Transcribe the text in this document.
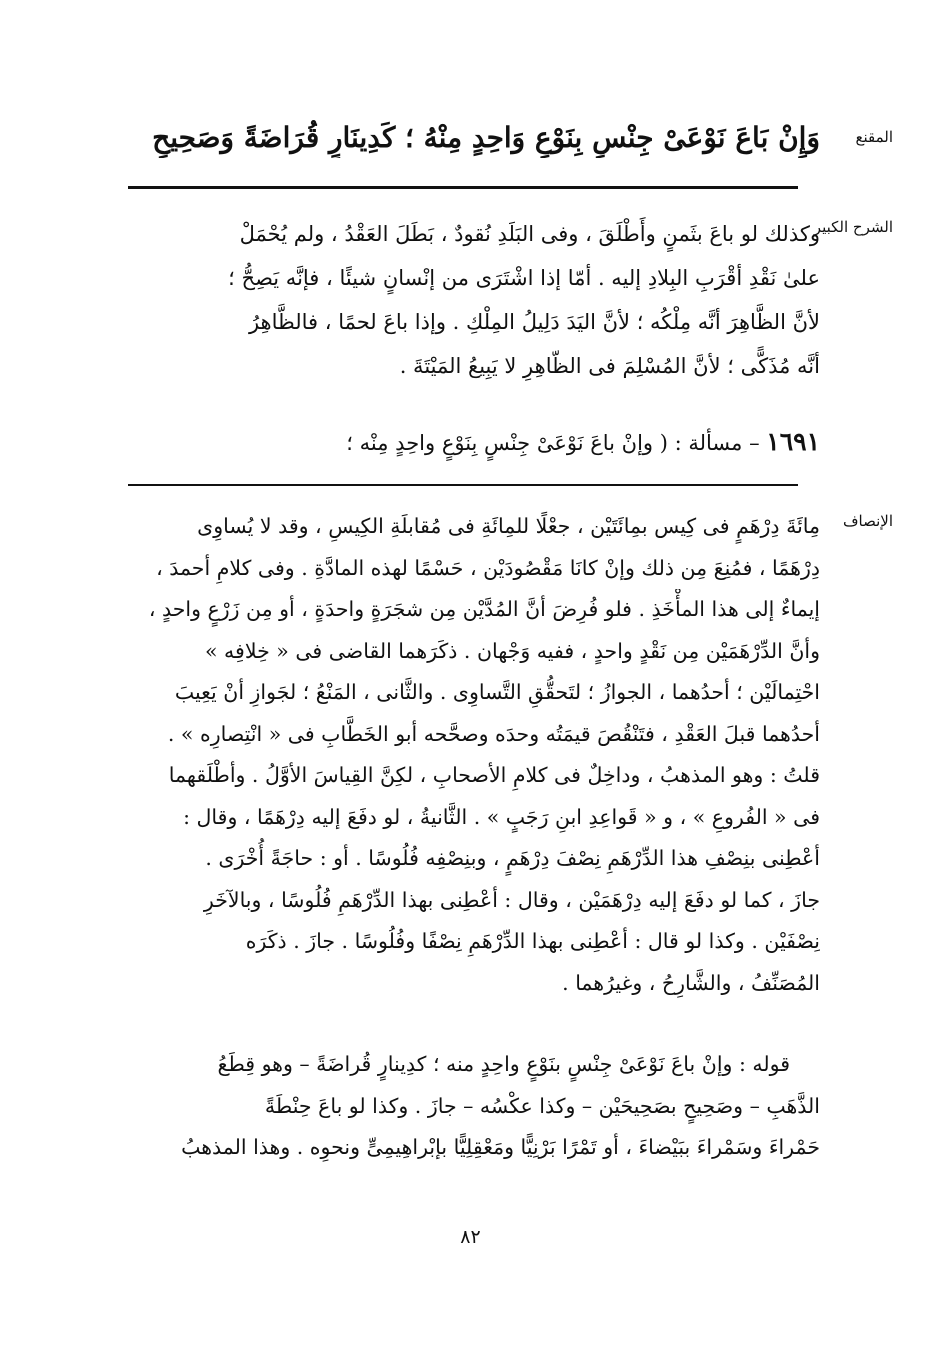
المقنع
وَإِنْ بَاعَ نَوْعَىْ جِنْسٍ بِنَوْعٍ وَاحِدٍ مِنْهُ ؛ كَدِينَارٍ قُرَاضَةً وَصَحِيحٍ
الشرح الكبير
وكذلك لو باعَ بثَمنٍ وأَطْلَقَ ، وفى البَلَدِ نُقودٌ ، بَطَلَ العَقْدُ ، ولم يُحْمَلْ
علىٰ نَقْدِ أقْرَبِ البِلادِ إليه . أمّا إذا اشْتَرَى من إنْسانٍ شيئًا ، فإنَّه يَصِحُّ ؛
لأنَّ الظَّاهِرَ أنَّه مِلْكُه ؛ لأنَّ اليَدَ دَلِيلُ المِلْكِ . وإذا باعَ لحمًا ، فالظَّاهِرُ
أنَّه مُذَكًّى ؛ لأنَّ المُسْلِمَ فى الظّاهِرِ لا يَبِيعُ المَيْتَةَ .
١٦٩١ – مسألة : ( وإنْ باعَ نَوْعَىْ جِنْسٍ بِنَوْعٍ واحِدٍ مِنْه ؛
الإنصاف
مِائَةَ دِرْهَمٍ فى كِيس بمِائَتَيْن ، جعْلًا للمِائَةِ فى مُقابلَةِ الكِيسِ ، وقد لا يُساوِى
دِرْهَمًا ، فمُنِعَ مِن ذلك وإنْ كانَا مَقْصُودَيْن ، حَسْمًا لهذه المادَّةِ . وفى كلامِ أحمدَ ،
إيماءٌ إلى هذا المأْخَذِ . فلو فُرِضَ أنَّ المُدَّيْن مِن شجَرَةٍ واحدَةٍ ، أو مِن زَرْعٍ واحدٍ ،
وأنَّ الدِّرْهَمَيْن مِن نَقْدٍ واحدٍ ، ففيه وَجْهان . ذكَرَهما القاضى فى « خِلافِه »
احْتِمالَيْن ؛ أحدُهما ، الجوازُ ؛ لتَحقُّقِ التَّساوِى . والثَّانى ، المَنْعُ ؛ لجَوازِ أنْ يَعِيبَ
أحدُهما قبلَ العَقْدِ ، فتَنْقُصَ قيمَتُه وحدَه وصحَّحه أبو الخَطَّابِ فى « انْتِصارِه » .
قلتُ : وهو المذهبُ ، وداخِلٌ فى كلامِ الأصحابِ ، لكِنَّ القِياسَ الأوَّلُ . وأطْلَقهما
فى « الفُروعِ » ، و « قَواعِدِ ابنِ رَجَبٍ » . الثَّانيةُ ، لو دفَعَ إليه دِرْهَمًا ، وقال :
أعْطِنى بنِصْفِ هذا الدِّرْهَمِ نِصْفَ دِرْهَمٍ ، وبنِصْفِه فُلُوسًا . أو : حاجَةً أُخْرَى .
جازَ ، كما لو دفَعَ إليه دِرْهَمَيْن ، وقال : أعْطِنى بهذا الدِّرْهَمِ فُلُوسًا ، وبالآخَرِ
نِصْفَيْن . وكذا لو قال : أعْطِنى بهذا الدِّرْهَمِ نِصْفًا وفُلُوسًا . جازَ . ذكَرَه
المُصَنِّفُ ، والشَّارِحُ ، وغيرُهما .
قوله : وإنْ باعَ نَوْعَىْ جِنْسٍ بنَوْعٍ واحِدٍ منه ؛ كدِينارٍ قُراضَةً – وهو قِطَعُ
الذَّهَبِ – وصَحِيحٍ بصَحِيحَيْن – وكذا عكْسُه – جازَ . وكذا لو باعَ حِنْطَةً
حَمْراءَ وسَمْراءَ ببَيْضاءَ ، أو تَمْرًا بَرْنِيًّا ومَعْقِلِيًّا بإبْراهِيمِىٍّ ونحوِه . وهذا المذهبُ
٨٢
